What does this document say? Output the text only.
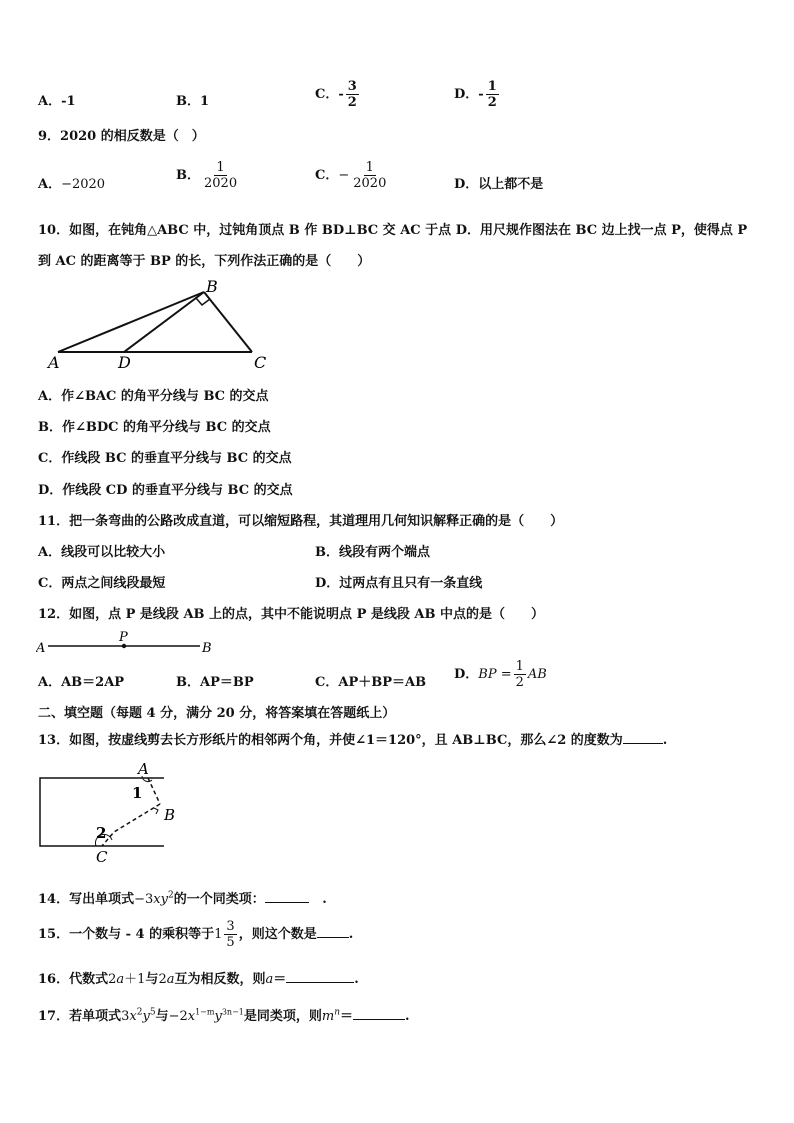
A．-1	B．1	C．- $\frac{3}{2}$	D．- $\frac{1}{2}$
9．2020 的相反数是（　）
A．−2020
B． $\frac{1}{2020}$	C．− $\frac{1}{2020}$	D．以上都不是
10．如图，在钝角△ABC 中，过钝角顶点 B 作 BD⊥BC 交 AC 于点 D．用尺规作图法在 BC 边上找一点 P，使得点 P
到 AC 的距离等于 BP 的长，下列作法正确的是（　　）
A
B
C
D
A．作∠BAC 的角平分线与 BC 的交点
B．作∠BDC 的角平分线与 BC 的交点
C．作线段 BC 的垂直平分线与 BC 的交点
D．作线段 CD 的垂直平分线与 BC 的交点
11．把一条弯曲的公路改成直道，可以缩短路程，其道理用几何知识解释正确的是（　　）
A．线段可以比较大小	B．线段有两个端点
C．两点之间线段最短	D．过两点有且只有一条直线
12．如图，点 P 是线段 AB 上的点，其中不能说明点 P 是线段 AB 中点的是（　　）
A
P
B
A．AB＝2AP	B．AP＝BP	C．AP＋BP＝AB
D．BP = $\frac{1}{2}$ AB
二、填空题（每题 4 分，满分 20 分，将答案填在答题纸上）
13．如图，按虚线剪去长方形纸片的相邻两个角，并使∠1＝120°，且 AB⊥BC，那么∠2 的度数为	.
A
B
C
1
2
14．写出单项式$-3xy^2$的一个同类项：	.
15．一个数与 - 4 的乘积等于$1 \frac{3}{5}$ ，则这个数是 .
16．代数式2a＋1与2a互为相反数，则a＝	.
17．若单项式$3x^2y^5$与$-2x^{1-m}y^{3n-1}$是同类项，则$m^n=$	.
